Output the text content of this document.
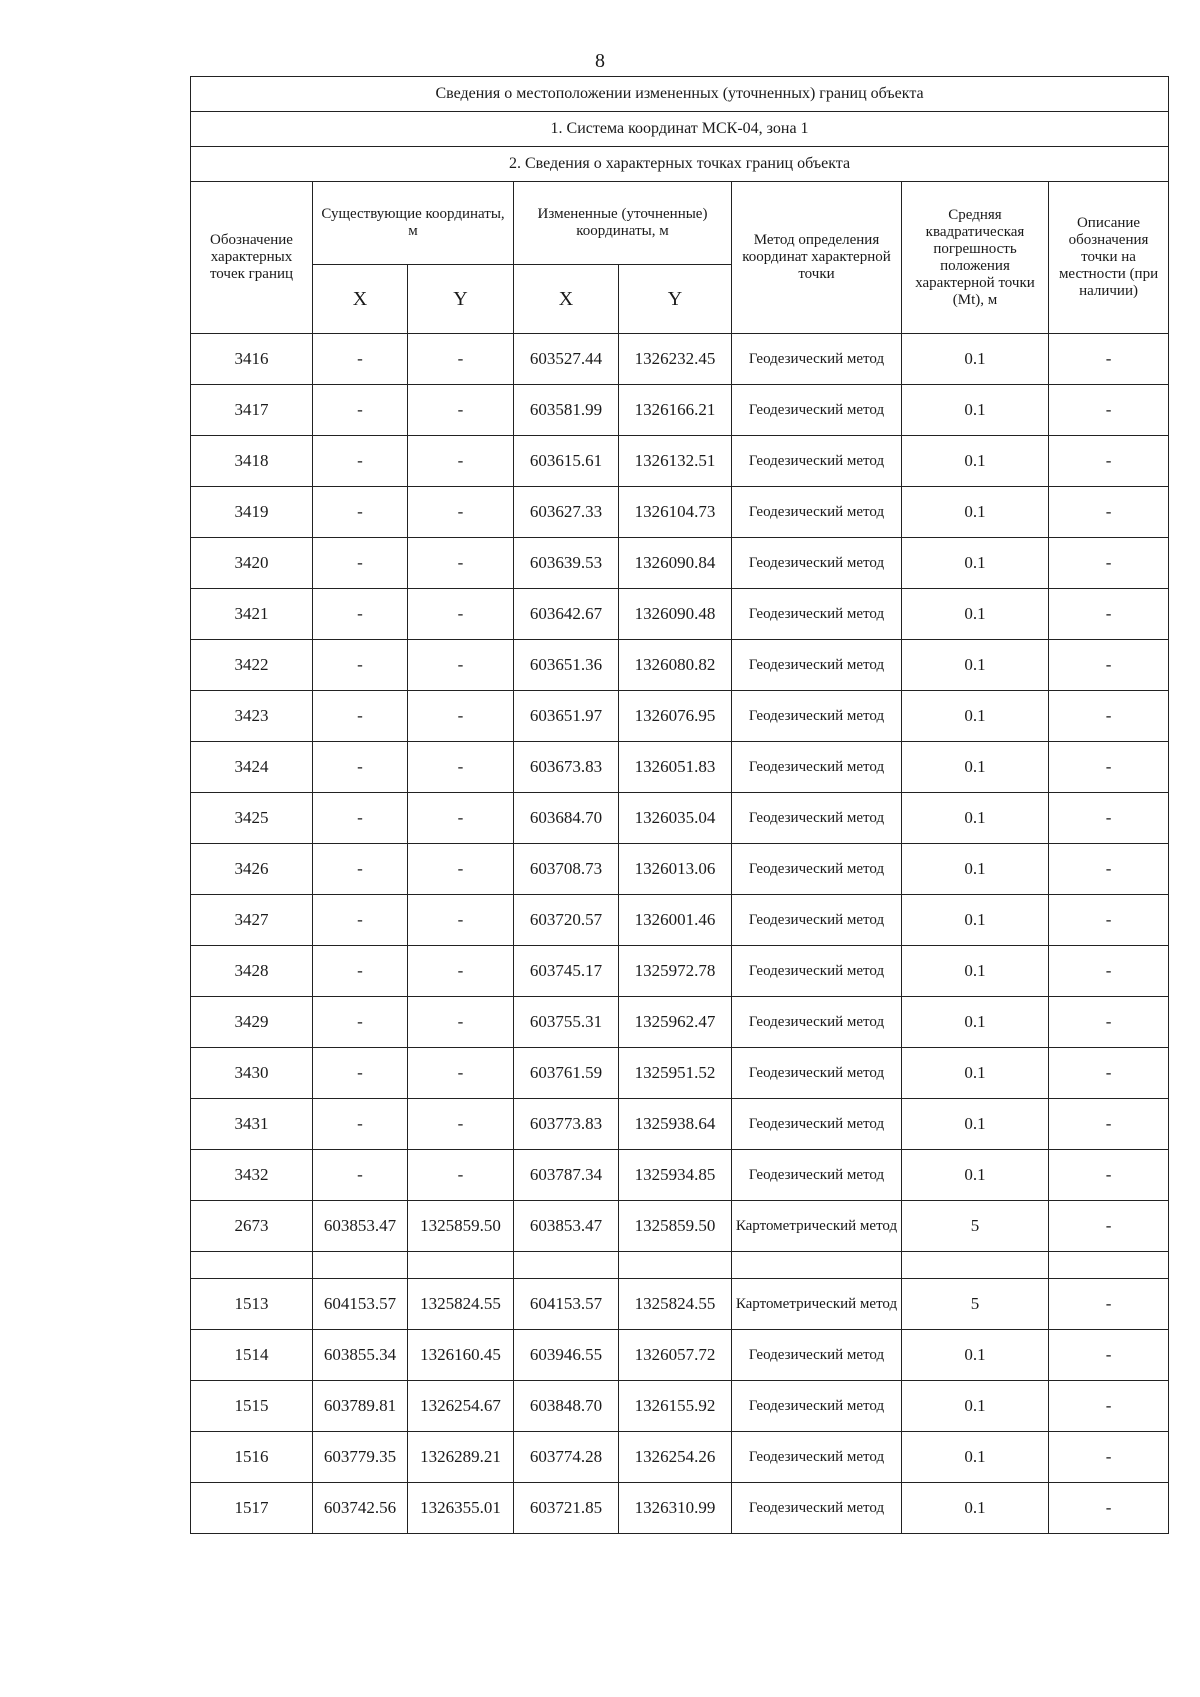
8
Сведения о местоположении измененных (уточненных) границ объекта							
1. Система координат МСК-04, зона 1							
2. Сведения о характерных точках границ объекта							
Обозначение характерных точек границ	Существующие координаты, м		Измененные (уточненные) координаты, м		Метод определения координат характерной точки	Средняя квадратическая погрешность положения характерной точки (Mt), м	Описание обозначения точки на местности (при наличии)
	X	Y	X	Y			
3416	-	-	603527.44	1326232.45	Геодезический метод	0.1	-
3417	-	-	603581.99	1326166.21	Геодезический метод	0.1	-
3418	-	-	603615.61	1326132.51	Геодезический метод	0.1	-
3419	-	-	603627.33	1326104.73	Геодезический метод	0.1	-
3420	-	-	603639.53	1326090.84	Геодезический метод	0.1	-
3421	-	-	603642.67	1326090.48	Геодезический метод	0.1	-
3422	-	-	603651.36	1326080.82	Геодезический метод	0.1	-
3423	-	-	603651.97	1326076.95	Геодезический метод	0.1	-
3424	-	-	603673.83	1326051.83	Геодезический метод	0.1	-
3425	-	-	603684.70	1326035.04	Геодезический метод	0.1	-
3426	-	-	603708.73	1326013.06	Геодезический метод	0.1	-
3427	-	-	603720.57	1326001.46	Геодезический метод	0.1	-
3428	-	-	603745.17	1325972.78	Геодезический метод	0.1	-
3429	-	-	603755.31	1325962.47	Геодезический метод	0.1	-
3430	-	-	603761.59	1325951.52	Геодезический метод	0.1	-
3431	-	-	603773.83	1325938.64	Геодезический метод	0.1	-
3432	-	-	603787.34	1325934.85	Геодезический метод	0.1	-
2673	603853.47	1325859.50	603853.47	1325859.50	Картометрический метод	5	-

1513	604153.57	1325824.55	604153.57	1325824.55	Картометрический метод	5	-
1514	603855.34	1326160.45	603946.55	1326057.72	Геодезический метод	0.1	-
1515	603789.81	1326254.67	603848.70	1326155.92	Геодезический метод	0.1	-
1516	603779.35	1326289.21	603774.28	1326254.26	Геодезический метод	0.1	-
1517	603742.56	1326355.01	603721.85	1326310.99	Геодезический метод	0.1	-
